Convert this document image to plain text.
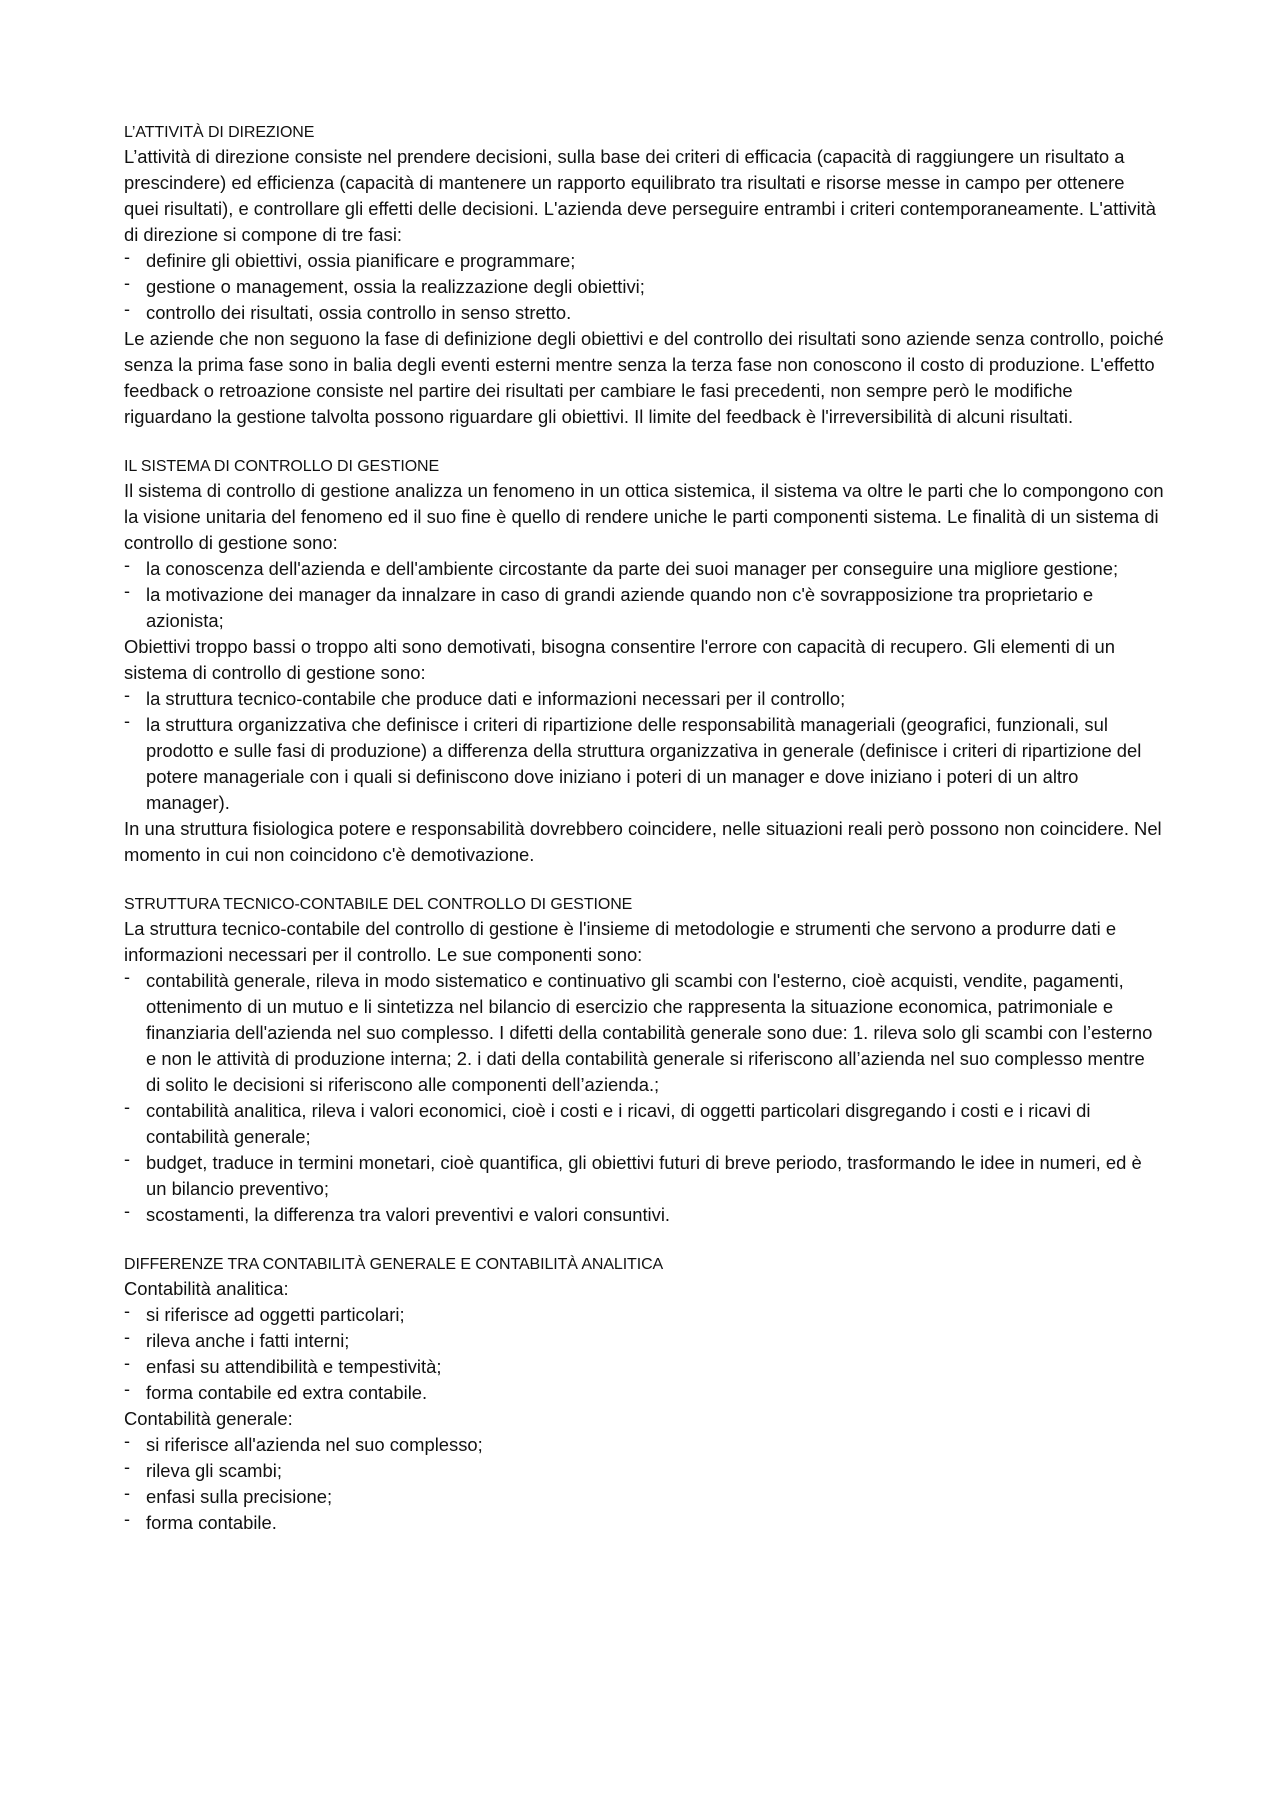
L’ATTIVITÀ DI DIREZIONE

L’attività di direzione consiste nel prendere decisioni, sulla base dei criteri di efficacia (capacità di raggiungere un risultato a prescindere) ed efficienza (capacità di mantenere un rapporto equilibrato tra risultati e risorse messe in campo per ottenere quei risultati), e controllare gli effetti delle decisioni. L'azienda deve perseguire entrambi i criteri contemporaneamente. L'attività di direzione si compone di tre fasi:

- definire gli obiettivi, ossia pianificare e programmare;
- gestione o management, ossia la realizzazione degli obiettivi;
- controllo dei risultati, ossia controllo in senso stretto.

Le aziende che non seguono la fase di definizione degli obiettivi e del controllo dei risultati sono aziende senza controllo, poiché senza la prima fase sono in balia degli eventi esterni mentre senza la terza fase non conoscono il costo di produzione. L'effetto feedback o retroazione consiste nel partire dei risultati per cambiare le fasi precedenti, non sempre però le modifiche riguardano la gestione talvolta possono riguardare gli obiettivi. Il limite del feedback è l'irreversibilità di alcuni risultati.

IL SISTEMA DI CONTROLLO DI GESTIONE

Il sistema di controllo di gestione analizza un fenomeno in un ottica sistemica, il sistema va oltre le parti che lo compongono con la visione unitaria del fenomeno ed il suo fine è quello di rendere uniche le parti componenti sistema. Le finalità di un sistema di controllo di gestione sono:

- la conoscenza dell'azienda e dell'ambiente circostante da parte dei suoi manager per conseguire una migliore gestione;
- la motivazione dei manager da innalzare in caso di grandi aziende quando non c'è sovrapposizione tra proprietario e azionista;

Obiettivi troppo bassi o troppo alti sono demotivati, bisogna consentire l'errore con capacità di recupero. Gli elementi di un sistema di controllo di gestione sono:

- la struttura tecnico-contabile che produce dati e informazioni necessari per il controllo;
- la struttura organizzativa che definisce i criteri di ripartizione delle responsabilità manageriali (geografici, funzionali, sul prodotto e sulle fasi di produzione) a differenza della struttura organizzativa in generale (definisce i criteri di ripartizione del potere manageriale con i quali si definiscono dove iniziano i poteri di un manager e dove iniziano i poteri di un altro manager).

In una struttura fisiologica potere e responsabilità dovrebbero coincidere, nelle situazioni reali però possono non coincidere. Nel momento in cui non coincidono c'è demotivazione.

STRUTTURA TECNICO-CONTABILE DEL CONTROLLO DI GESTIONE

La struttura tecnico-contabile del controllo di gestione è l'insieme di metodologie e strumenti che servono a produrre dati e informazioni necessari per il controllo. Le sue componenti sono:

- contabilità generale, rileva in modo sistematico e continuativo gli scambi con l'esterno, cioè acquisti, vendite, pagamenti, ottenimento di un mutuo e li sintetizza nel bilancio di esercizio che rappresenta la situazione economica, patrimoniale e finanziaria dell'azienda nel suo complesso. I difetti della contabilità generale sono due: 1. rileva solo gli scambi con l’esterno e non le attività di produzione interna; 2. i dati della contabilità generale si riferiscono all’azienda nel suo complesso mentre di solito le decisioni si riferiscono alle componenti dell’azienda.;
- contabilità analitica, rileva i valori economici, cioè i costi e i ricavi, di oggetti particolari disgregando i costi e i ricavi di contabilità generale;
- budget, traduce in termini monetari, cioè quantifica, gli obiettivi futuri di breve periodo, trasformando le idee in numeri, ed è un bilancio preventivo;
- scostamenti, la differenza tra valori preventivi e valori consuntivi.
DIFFERENZE TRA CONTABILITÀ GENERALE E CONTABILITÀ ANALITICA

Contabilità analitica:

- si riferisce ad oggetti particolari;
- rileva anche i fatti interni;
- enfasi su attendibilità e tempestività;
- forma contabile ed extra contabile.

Contabilità generale:

- si riferisce all'azienda nel suo complesso;
- rileva gli scambi;
- enfasi sulla precisione;
- forma contabile.
